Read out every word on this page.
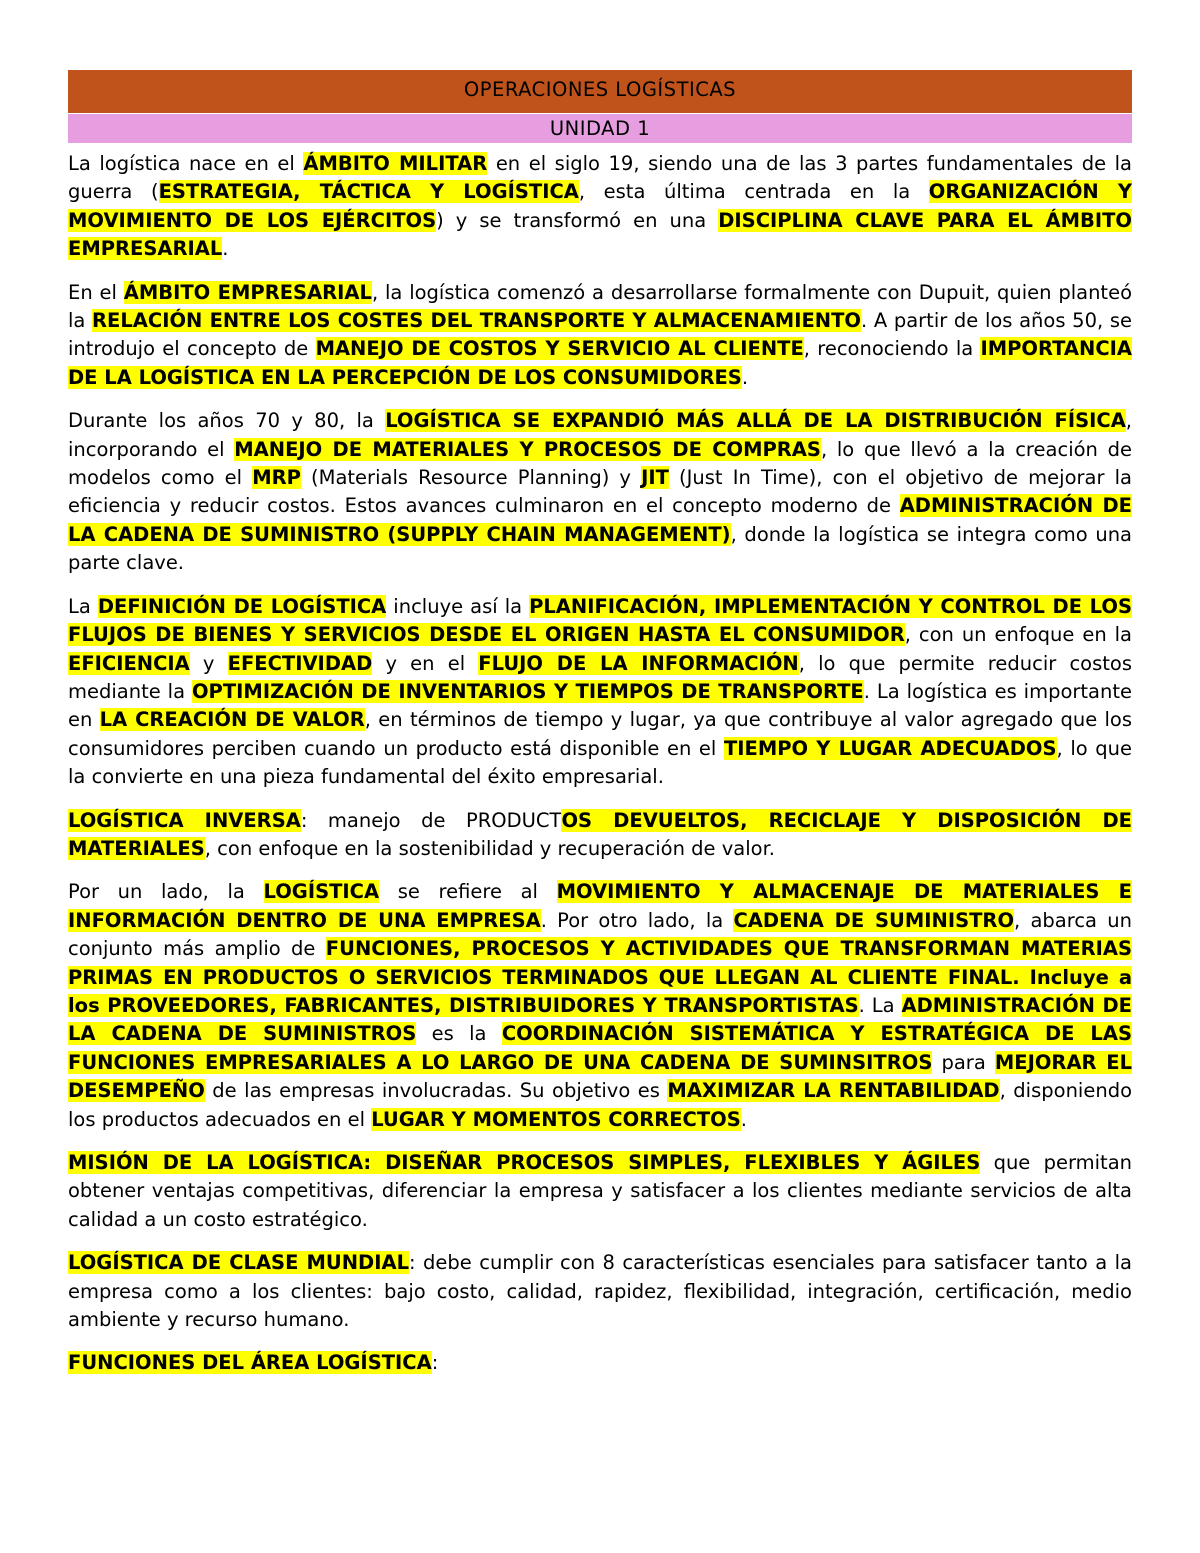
OPERACIONES LOGÍSTICAS
UNIDAD 1

La logística nace en el ÁMBITO MILITAR en el siglo 19, siendo una de las 3 partes fundamentales de la guerra (ESTRATEGIA, TÁCTICA Y LOGÍSTICA, esta última centrada en la ORGANIZACIÓN Y MOVIMIENTO DE LOS EJÉRCITOS) y se transformó en una DISCIPLINA CLAVE PARA EL ÁMBITO EMPRESARIAL.

En el ÁMBITO EMPRESARIAL, la logística comenzó a desarrollarse formalmente con Dupuit, quien planteó la RELACIÓN ENTRE LOS COSTES DEL TRANSPORTE Y ALMACENAMIENTO. A partir de los años 50, se introdujo el concepto de MANEJO DE COSTOS Y SERVICIO AL CLIENTE, reconociendo la IMPORTANCIA DE LA LOGÍSTICA EN LA PERCEPCIÓN DE LOS CONSUMIDORES.

Durante los años 70 y 80, la LOGÍSTICA SE EXPANDIÓ MÁS ALLÁ DE LA DISTRIBUCIÓN FÍSICA, incorporando el MANEJO DE MATERIALES Y PROCESOS DE COMPRAS, lo que llevó a la creación de modelos como el MRP (Materials Resource Planning) y JIT (Just In Time), con el objetivo de mejorar la eficiencia y reducir costos. Estos avances culminaron en el concepto moderno de ADMINISTRACIÓN DE LA CADENA DE SUMINISTRO (SUPPLY CHAIN MANAGEMENT), donde la logística se integra como una parte clave.

La DEFINICIÓN DE LOGÍSTICA incluye así la PLANIFICACIÓN, IMPLEMENTACIÓN Y CONTROL DE LOS FLUJOS DE BIENES Y SERVICIOS DESDE EL ORIGEN HASTA EL CONSUMIDOR, con un enfoque en la EFICIENCIA y EFECTIVIDAD y en el FLUJO DE LA INFORMACIÓN, lo que permite reducir costos mediante la OPTIMIZACIÓN DE INVENTARIOS Y TIEMPOS DE TRANSPORTE. La logística es importante en LA CREACIÓN DE VALOR, en términos de tiempo y lugar, ya que contribuye al valor agregado que los consumidores perciben cuando un producto está disponible en el TIEMPO Y LUGAR ADECUADOS, lo que la convierte en una pieza fundamental del éxito empresarial.

LOGÍSTICA INVERSA: manejo de PRODUCTOS DEVUELTOS, RECICLAJE Y DISPOSICIÓN DE MATERIALES, con enfoque en la sostenibilidad y recuperación de valor.

Por un lado, la LOGÍSTICA se refiere al MOVIMIENTO Y ALMACENAJE DE MATERIALES E INFORMACIÓN DENTRO DE UNA EMPRESA. Por otro lado, la CADENA DE SUMINISTRO, abarca un conjunto más amplio de FUNCIONES, PROCESOS Y ACTIVIDADES QUE TRANSFORMAN MATERIAS PRIMAS EN PRODUCTOS O SERVICIOS TERMINADOS QUE LLEGAN AL CLIENTE FINAL. Incluye a los PROVEEDORES, FABRICANTES, DISTRIBUIDORES Y TRANSPORTISTAS. La ADMINISTRACIÓN DE LA CADENA DE SUMINISTROS es la COORDINACIÓN SISTEMÁTICA Y ESTRATÉGICA DE LAS FUNCIONES EMPRESARIALES A LO LARGO DE UNA CADENA DE SUMINSITROS para MEJORAR EL DESEMPEÑO de las empresas involucradas. Su objetivo es MAXIMIZAR LA RENTABILIDAD, disponiendo los productos adecuados en el LUGAR Y MOMENTOS CORRECTOS.

MISIÓN DE LA LOGÍSTICA: DISEÑAR PROCESOS SIMPLES, FLEXIBLES Y ÁGILES que permitan obtener ventajas competitivas, diferenciar la empresa y satisfacer a los clientes mediante servicios de alta calidad a un costo estratégico.

LOGÍSTICA DE CLASE MUNDIAL: debe cumplir con 8 características esenciales para satisfacer tanto a la empresa como a los clientes: bajo costo, calidad, rapidez, flexibilidad, integración, certificación, medio ambiente y recurso humano.

FUNCIONES DEL ÁREA LOGÍSTICA:
